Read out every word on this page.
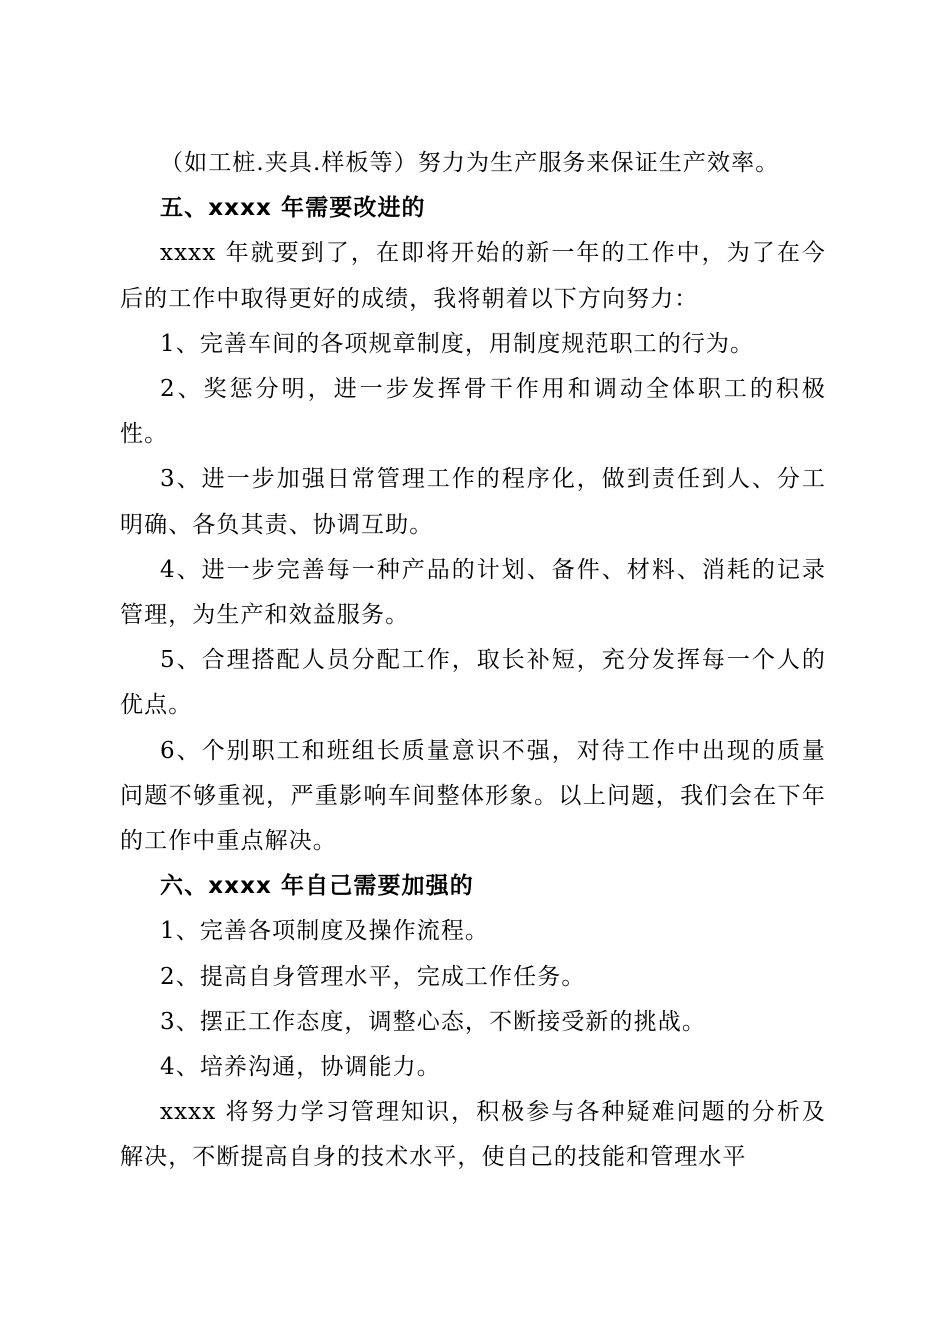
（如工桩.夹具.样板等）努力为生产服务来保证生产效率。

五、xxxx 年需要改进的

xxxx 年就要到了，在即将开始的新一年的工作中，为了在今后的工作中取得更好的成绩，我将朝着以下方向努力：

1、完善车间的各项规章制度，用制度规范职工的行为。

2、奖惩分明，进一步发挥骨干作用和调动全体职工的积极性。

3、进一步加强日常管理工作的程序化，做到责任到人、分工明确、各负其责、协调互助。

4、进一步完善每一种产品的计划、备件、材料、消耗的记录管理，为生产和效益服务。

5、合理搭配人员分配工作，取长补短，充分发挥每一个人的优点。

6、个别职工和班组长质量意识不强，对待工作中出现的质量问题不够重视，严重影响车间整体形象。以上问题，我们会在下年的工作中重点解决。

六、xxxx 年自己需要加强的

1、完善各项制度及操作流程。

2、提高自身管理水平，完成工作任务。

3、摆正工作态度，调整心态，不断接受新的挑战。

4、培养沟通，协调能力。

xxxx 将努力学习管理知识，积极参与各种疑难问题的分析及解决，不断提高自身的技术水平，使自己的技能和管理水平
